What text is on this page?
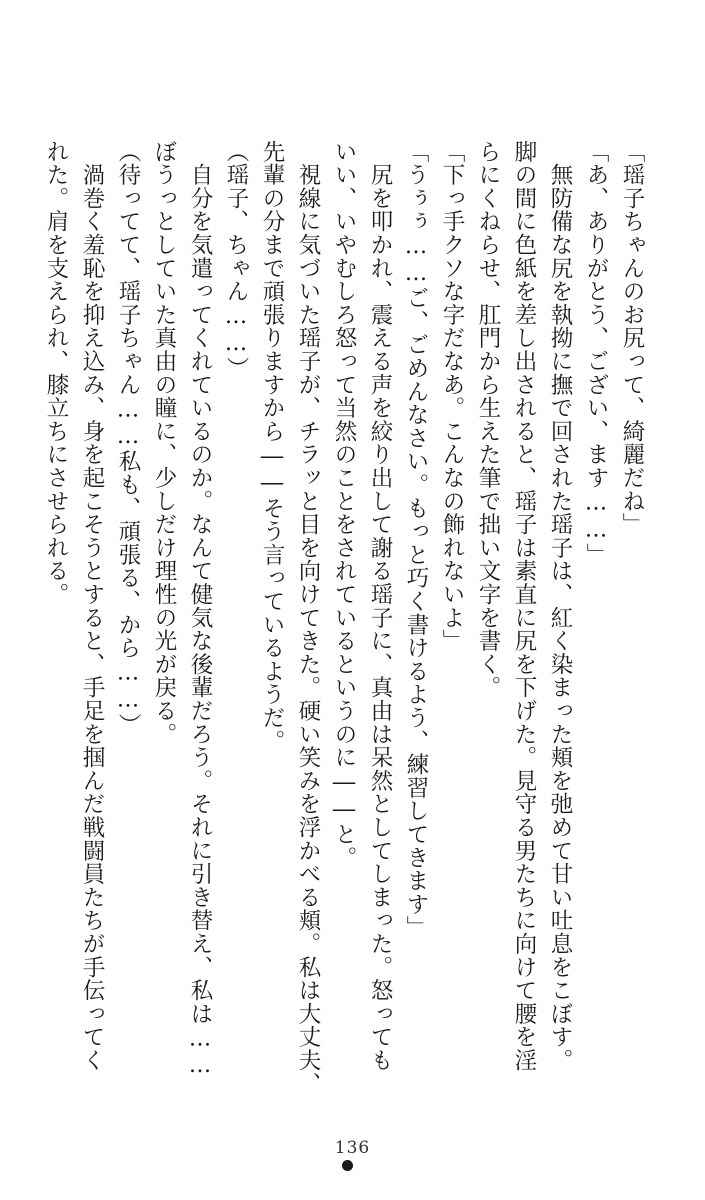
「瑶子ちゃんのお尻って、綺麗だね」

「あ、ありがとう、ござい、ます……」

　無防備な尻を執拗に撫で回された瑶子は、紅く染まった頬を弛めて甘い吐息をこぼす。

脚の間に色紙を差し出されると、瑶子は素直に尻を下げた。見守る男たちに向けて腰を淫

らにくねらせ、肛門から生えた筆で拙い文字を書く。

「下っ手クソな字だなあ。こんなの飾れないよ」

「うぅぅ……ご、ごめんなさい。もっと巧く書けるよう、練習してきます」

　尻を叩かれ、震える声を絞り出して謝る瑶子に、真由は呆然としてしまった。怒っても

いい、いやむしろ怒って当然のことをされているというのに――と。

　視線に気づいた瑶子が、チラッと目を向けてきた。硬い笑みを浮かべる頬。私は大丈夫、

先輩の分まで頑張りますから――そう言っているようだ。

（瑶子、ちゃん……）

　自分を気遣ってくれているのか。なんて健気な後輩だろう。それに引き替え、私は……

ぼうっとしていた真由の瞳に、少しだけ理性の光が戻る。

（待ってて、瑶子ちゃん……私も、頑張る、から……）

　渦巻く羞恥を抑え込み、身を起こそうとすると、手足を掴んだ戦闘員たちが手伝ってく

れた。肩を支えられ、膝立ちにさせられる。

136
